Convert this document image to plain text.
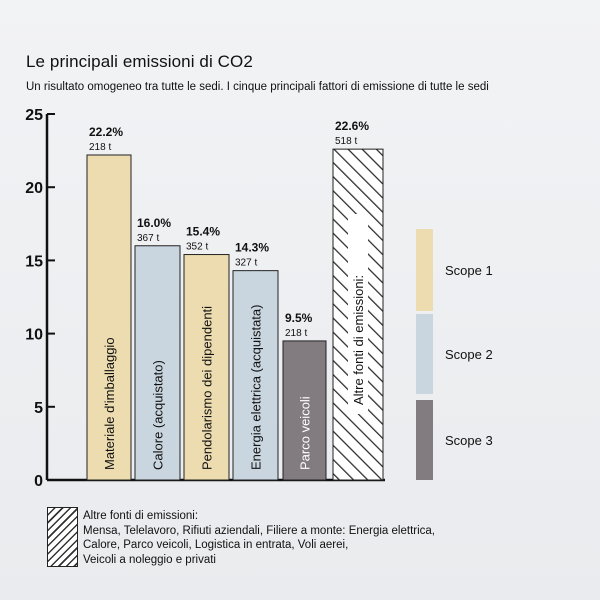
Le principali emissioni di CO2
Un risultato omogeneo tra tutte le sedi. I cinque principali fattori di emissione di tutte le sedi
25
20
15
10
5
0
22.2%
218 t
Materiale d'imballaggio
16.0%
367 t
Calore (acquistato)
15.4%
352 t
Pendolarismo dei dipendenti
14.3%
327 t
Energia elettrica (acquistata) 9.5%
218 t
Parco veicoli
22.6%
518 t
Altre fonti di emissioni:
Scope 1
Scope 2
Scope 3
Altre fonti di emissioni:
Mensa, Telelavoro, Rifiuti aziendali, Filiere a monte: Energia elettrica,
Calore, Parco veicoli, Logistica in entrata, Voli aerei,
Veicoli a noleggio e privati
